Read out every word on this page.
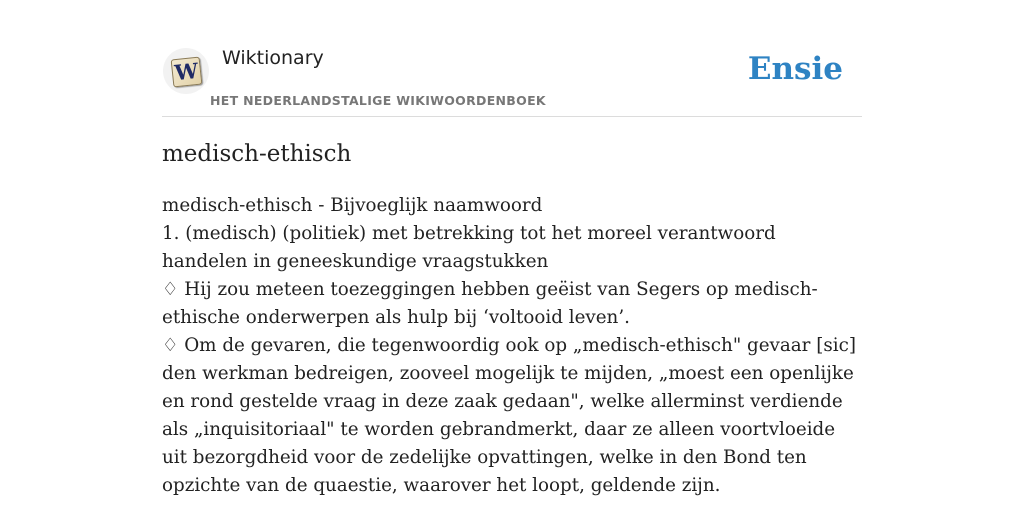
W Wiktionary
HET NEDERLANDSTALIGE WIKIWOORDENBOEK
Ensie
medisch-ethisch

medisch-ethisch - Bijvoeglijk naamwoord

1. (medisch) (politiek) met betrekking tot het moreel verantwoord handelen in geneeskundige vraagstukken

♢ Hij zou meteen toezeggingen hebben geëist van Segers op medisch-ethische onderwerpen als hulp bij ‘voltooid leven’.

♢ Om de gevaren, die tegenwoordig ook op „medisch-ethisch" gevaar [sic] den werkman bedreigen, zooveel mogelijk te mijden, „moest een openlijke en rond gestelde vraag in deze zaak gedaan", welke allerminst verdiende als „inquisitoriaal" te worden gebrandmerkt, daar ze alleen voortvloeide uit bezorgdheid voor de zedelijke opvattingen, welke in den Bond ten opzichte van de quaestie, waarover het loopt, geldende zijn.
